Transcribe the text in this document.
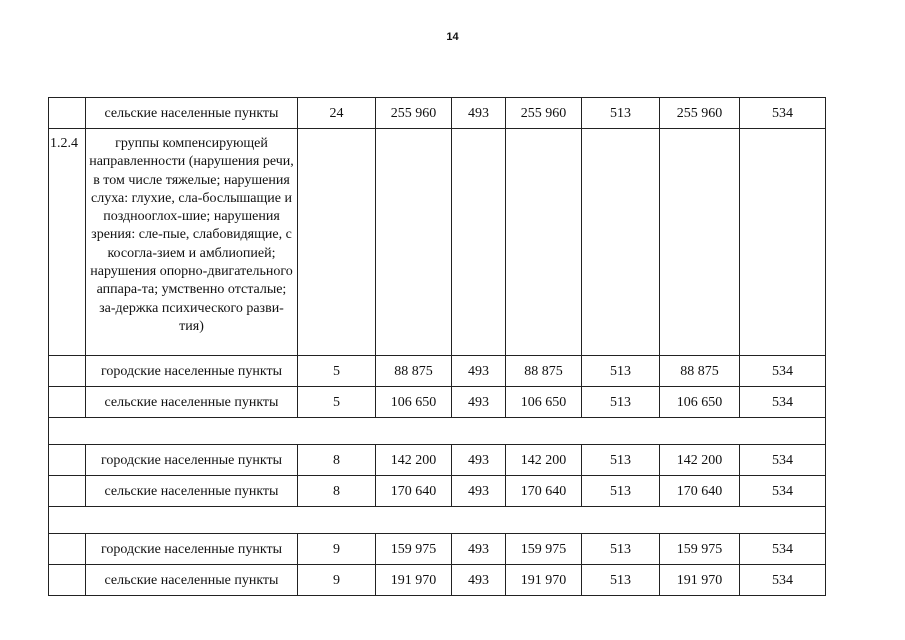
14
	сельские населенные пункты	24	255 960	493	255 960	513	255 960	534
1.2.4	группы компенсирующей направленности (нарушения речи, в том числе тяжелые; нарушения слуха: глухие, сла-бослышащие и позднооглох-шие; нарушения зрения: сле-пые, слабовидящие, с косогла-зием и амблиопией; нарушения опорно-двигательного аппара-та; умственно отсталые; за-держка психического разви-тия)							
	городские населенные пункты	5	88 875	493	88 875	513	88 875	534
	сельские населенные пункты	5	106 650	493	106 650	513	106 650	534

	городские населенные пункты	8	142 200	493	142 200	513	142 200	534
	сельские населенные пункты	8	170 640	493	170 640	513	170 640	534

	городские населенные пункты	9	159 975	493	159 975	513	159 975	534
	сельские населенные пункты	9	191 970	493	191 970	513	191 970	534
